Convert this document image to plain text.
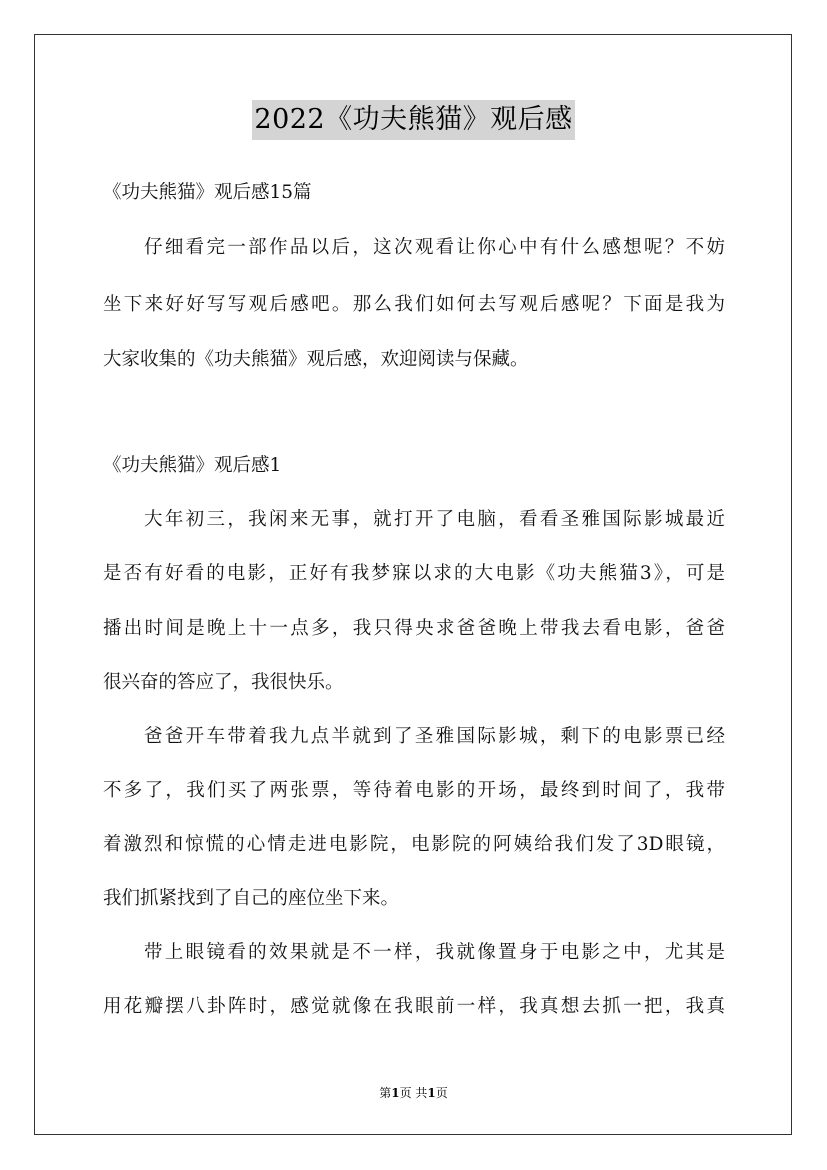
2022《功夫熊猫》观后感
《功夫熊猫》观后感15篇
仔细看完一部作品以后，这次观看让你心中有什么感想呢？不妨
坐下来好好写写观后感吧。那么我们如何去写观后感呢？下面是我为
大家收集的《功夫熊猫》观后感，欢迎阅读与保藏。
《功夫熊猫》观后感1
大年初三，我闲来无事，就打开了电脑，看看圣雅国际影城最近
是否有好看的电影，正好有我梦寐以求的大电影《功夫熊猫3》，可是
播出时间是晚上十一点多，我只得央求爸爸晚上带我去看电影，爸爸
很兴奋的答应了，我很快乐。
爸爸开车带着我九点半就到了圣雅国际影城，剩下的电影票已经
不多了，我们买了两张票，等待着电影的开场，最终到时间了，我带
着激烈和惊慌的心情走进电影院，电影院的阿姨给我们发了3D眼镜，
我们抓紧找到了自己的座位坐下来。
带上眼镜看的效果就是不一样，我就像置身于电影之中，尤其是
用花瓣摆八卦阵时，感觉就像在我眼前一样，我真想去抓一把，我真
第1页 共1页
